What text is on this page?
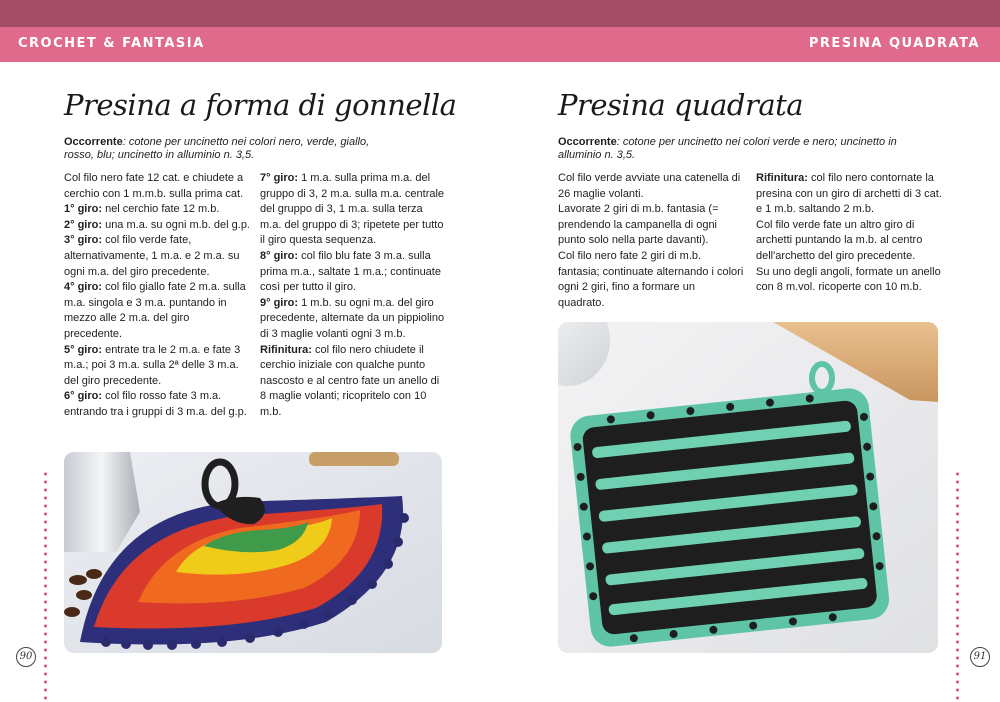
CROCHET & FANTASIA	PRESINA QUADRATA
Presina a forma di gonnella
Occorrente: cotone per uncinetto nei colori nero, verde, giallo, rosso, blu; uncinetto in alluminio n. 3,5.

Col filo nero fate 12 cat. e chiudete a cerchio con 1 m.m.b. sulla prima cat.

1° giro: nel cerchio fate 12 m.b.

2° giro: una m.a. su ogni m.b. del g.p.

3° giro: col filo verde fate, alternativamente, 1 m.a. e 2 m.a. su ogni m.a. del giro precedente.

4° giro: col filo giallo fate 2 m.a. sulla m.a. singola e 3 m.a. puntando in mezzo alle 2 m.a. del giro precedente.

5° giro: entrate tra le 2 m.a. e fate 3 m.a.; poi 3 m.a. sulla 2ª delle 3 m.a. del giro precedente.

6° giro: col filo rosso fate 3 m.a. entrando tra i gruppi di 3 m.a. del g.p.

7° giro: 1 m.a. sulla prima m.a. del gruppo di 3, 2 m.a. sulla m.a. centrale del gruppo di 3, 1 m.a. sulla terza m.a. del gruppo di 3; ripetete per tutto il giro questa sequenza.

8° giro: col filo blu fate 3 m.a. sulla prima m.a., saltate 1 m.a.; continuate così per tutto il giro.

9° giro: 1 m.b. su ogni m.a. del giro precedente, alternate da un pippiolino di 3 maglie volanti ogni 3 m.b.

Rifinitura: col filo nero chiudete il cerchio iniziale con qualche punto nascosto e al centro fate un anello di 8 maglie volanti; ricopritelo con 10 m.b.

Presina quadrata
Occorrente: cotone per uncinetto nei colori verde e nero; uncinetto in alluminio n. 3,5.

Col filo verde avviate una catenella di 26 maglie volanti.

Lavorate 2 giri di m.b. fantasia (= prendendo la campanella di ogni punto solo nella parte davanti).

Col filo nero fate 2 giri di m.b. fantasia; continuate alternando i colori ogni 2 giri, fino a formare un quadrato.

Rifinitura: col filo nero contornate la presina con un giro di archetti di 3 cat. e 1 m.b. saltando 2 m.b.

Col filo verde fate un altro giro di archetti puntando la m.b. al centro dell'archetto del giro precedente.

Su uno degli angoli, formate un anello con 8 m.vol. ricoperte con 10 m.b.

90	91
